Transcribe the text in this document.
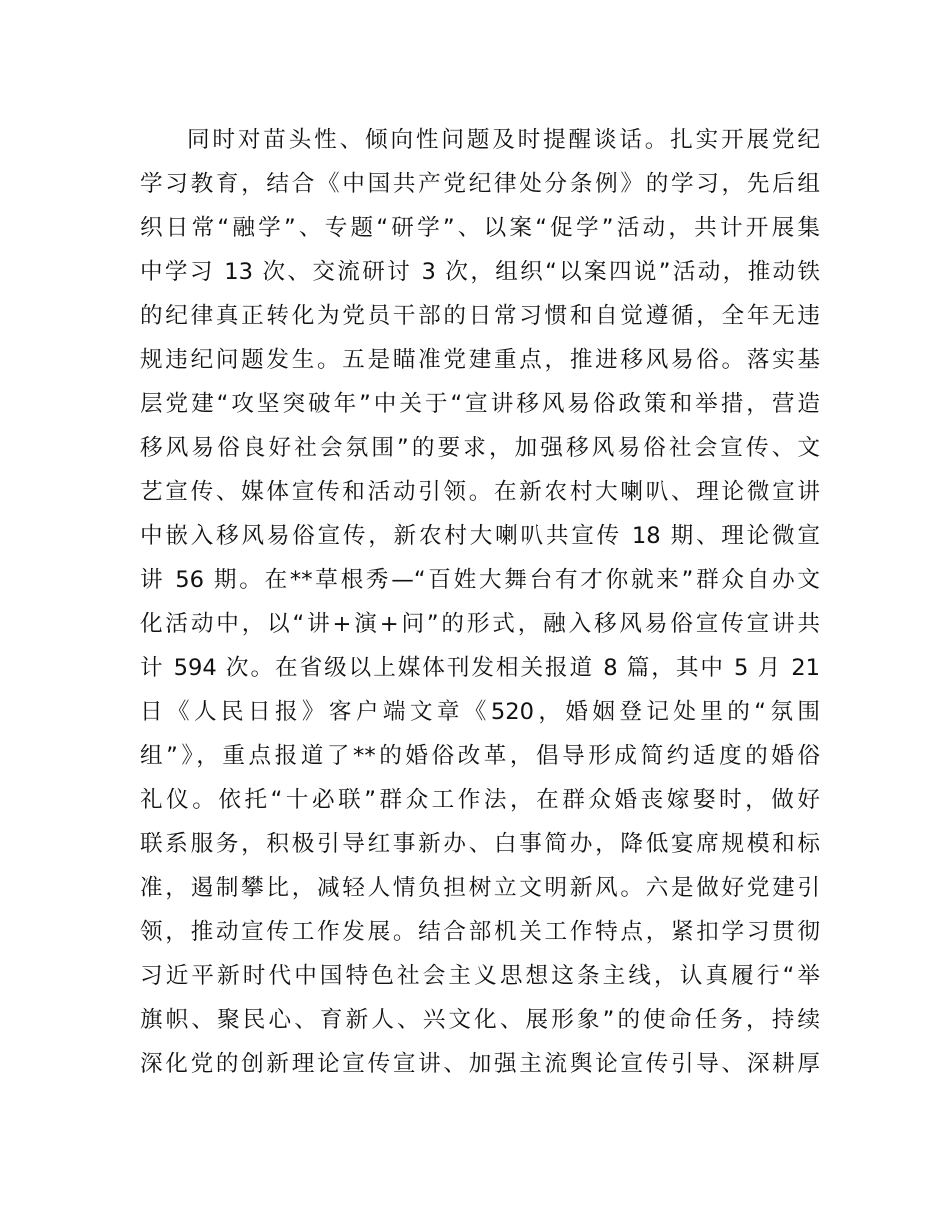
同时对苗头性、倾向性问题及时提醒谈话。扎实开展党纪
学习教育，结合《中国共产党纪律处分条例》的学习，先后组
织日常“融学”、专题“研学”、以案“促学”活动，共计开展集
中学习 13 次、交流研讨 3 次，组织“以案四说”活动，推动铁
的纪律真正转化为党员干部的日常习惯和自觉遵循，全年无违
规违纪问题发生。五是瞄准党建重点，推进移风易俗。落实基
层党建“攻坚突破年”中关于“宣讲移风易俗政策和举措，营造
移风易俗良好社会氛围”的要求，加强移风易俗社会宣传、文
艺宣传、媒体宣传和活动引领。在新农村大喇叭、理论微宣讲
中嵌入移风易俗宣传，新农村大喇叭共宣传 18 期、理论微宣
讲 56 期。在**草根秀—“百姓大舞台有才你就来”群众自办文
化活动中，以“讲+演+问”的形式，融入移风易俗宣传宣讲共
计 594 次。在省级以上媒体刊发相关报道 8 篇，其中 5 月 21
日《人民日报》客户端文章《520，婚姻登记处里的“氛围
组”》，重点报道了**的婚俗改革，倡导形成简约适度的婚俗
礼仪。依托“十必联”群众工作法，在群众婚丧嫁娶时，做好
联系服务，积极引导红事新办、白事简办，降低宴席规模和标
准，遏制攀比，减轻人情负担树立文明新风。六是做好党建引
领，推动宣传工作发展。结合部机关工作特点，紧扣学习贯彻
习近平新时代中国特色社会主义思想这条主线，认真履行“举
旗帜、聚民心、育新人、兴文化、展形象”的使命任务，持续
深化党的创新理论宣传宣讲、加强主流舆论宣传引导、深耕厚
